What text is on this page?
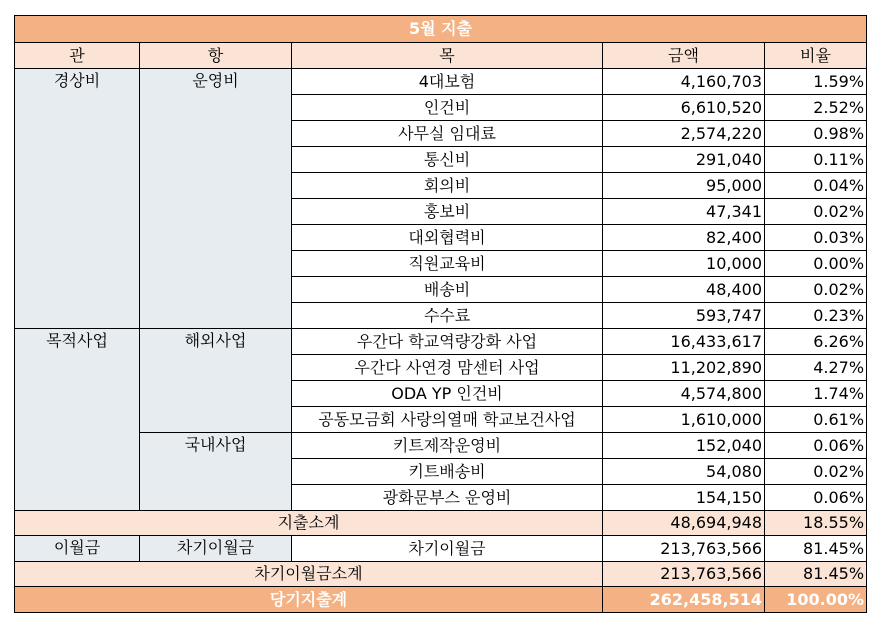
5월 지출				
관	항	목	금액	비율
경상비	운영비	4대보험	4,160,703	1.59%
		인건비	6,610,520	2.52%
		사무실 임대료	2,574,220	0.98%
		통신비	291,040	0.11%
		회의비	95,000	0.04%
		홍보비	47,341	0.02%
		대외협력비	82,400	0.03%
		직원교육비	10,000	0.00%
		배송비	48,400	0.02%
		수수료	593,747	0.23%
목적사업	해외사업	우간다 학교역량강화 사업	16,433,617	6.26%
		우간다 사연경 맘센터 사업	11,202,890	4.27%
		ODA YP 인건비	4,574,800	1.74%
		공동모금회 사랑의열매 학교보건사업	1,610,000	0.61%
	국내사업	키트제작운영비	152,040	0.06%
		키트배송비	54,080	0.02%
		광화문부스 운영비	154,150	0.06%
지출소계			48,694,948	18.55%
이월금	차기이월금	차기이월금	213,763,566	81.45%
차기이월금소계			213,763,566	81.45%
당기지출계			262,458,514	100.00%
